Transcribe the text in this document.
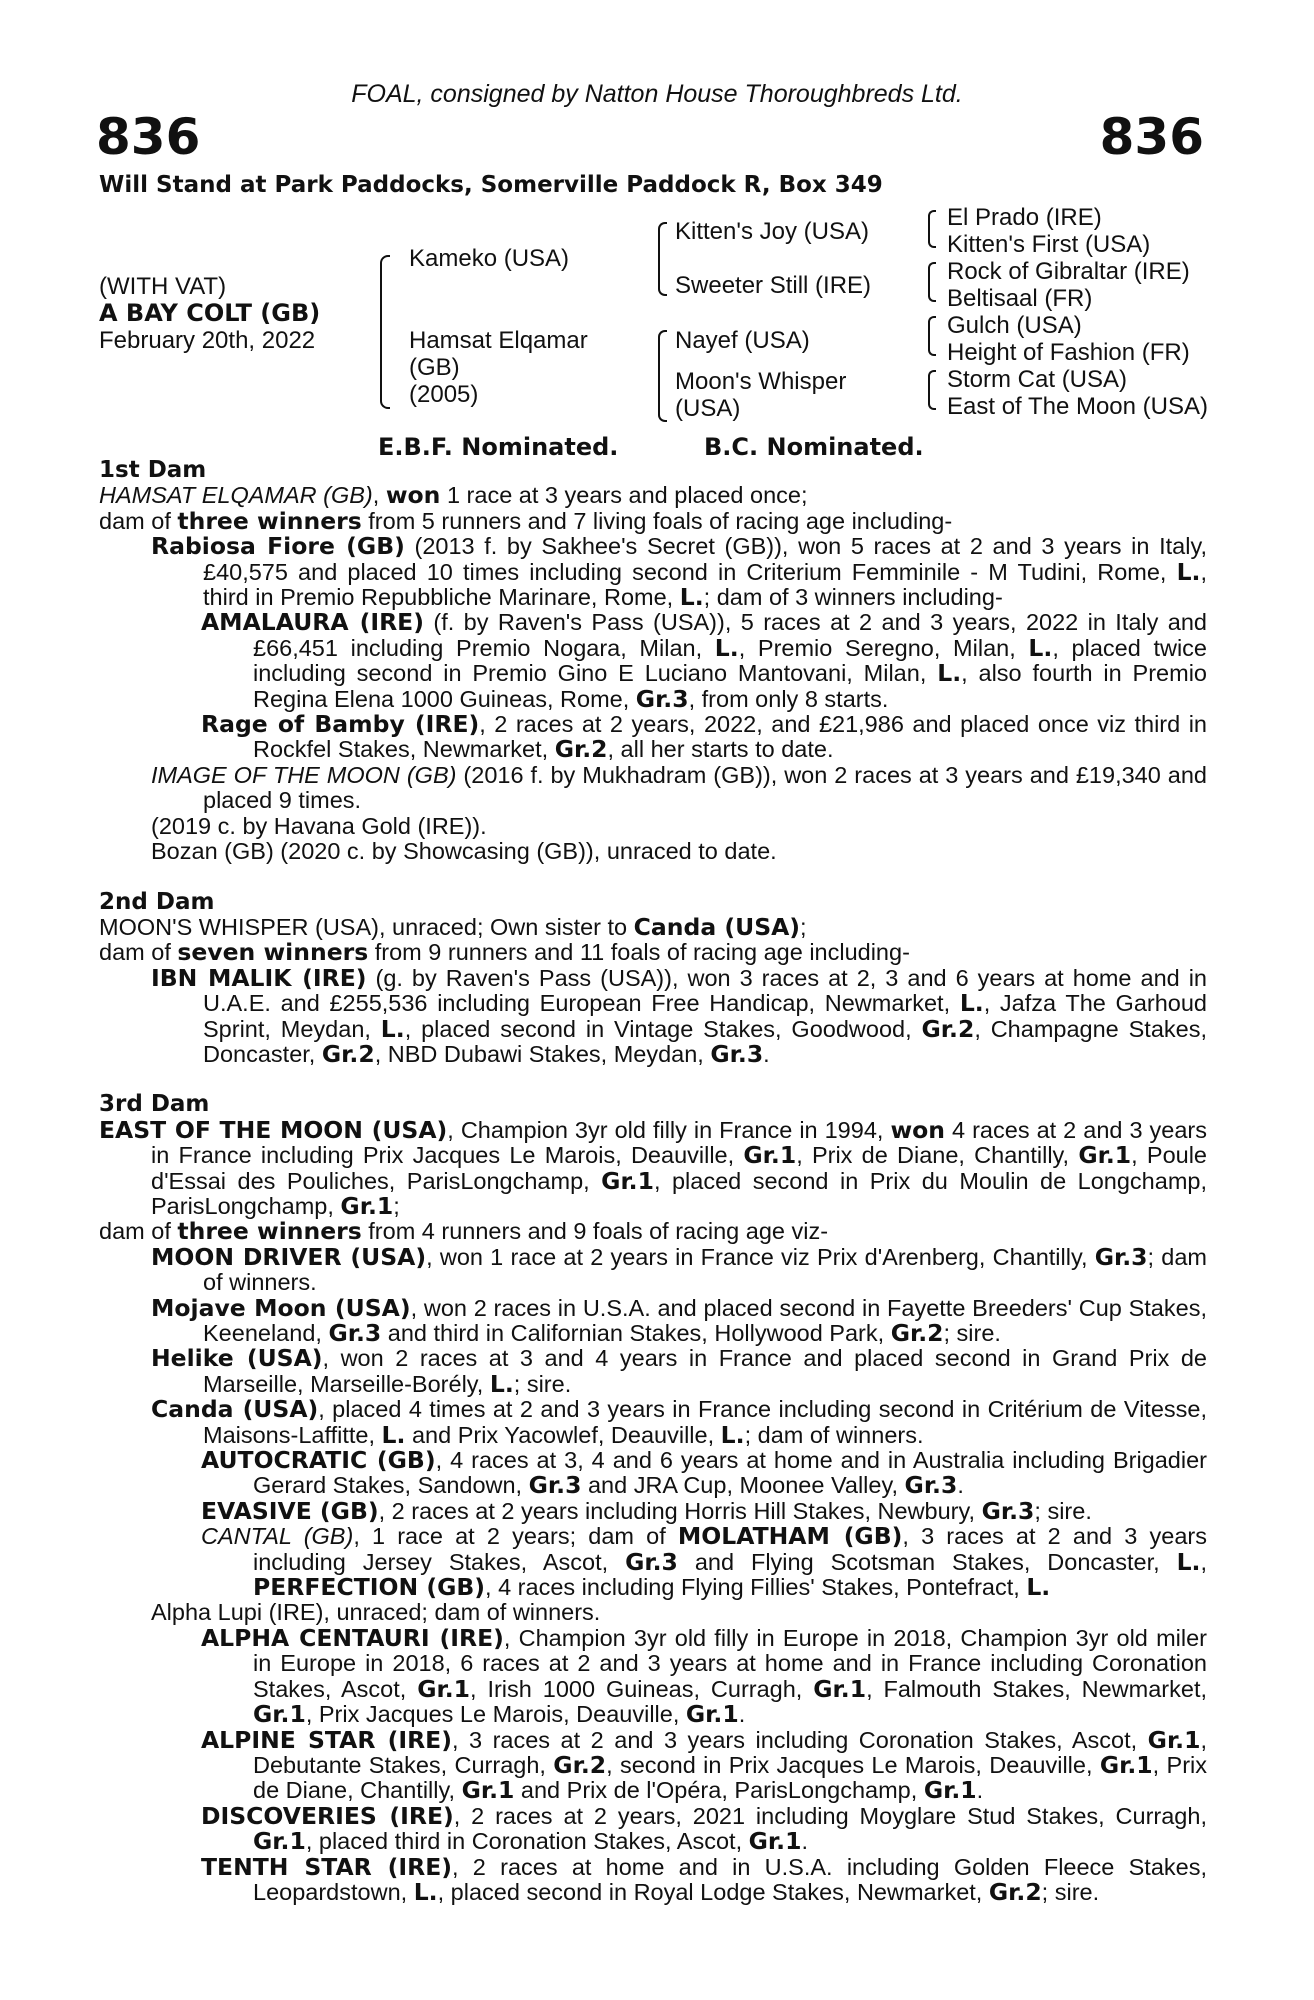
FOAL, consigned by Natton House Thoroughbreds Ltd.
836	836
Will Stand at Park Paddocks, Somerville Paddock R, Box 349
(WITH VAT)
A BAY COLT (GB)
February 20th, 2022
Kameko (USA)
Hamsat Elqamar
(GB)
(2005)
Kitten's Joy (USA)
Sweeter Still (IRE)
Nayef (USA)
Moon's Whisper
(USA)
El Prado (IRE)
Kitten's First (USA)
Rock of Gibraltar (IRE)
Beltisaal (FR)
Gulch (USA)
Height of Fashion (FR)
Storm Cat (USA)
East of The Moon (USA)
E.B.F. Nominated.	B.C. Nominated.

1st Dam

HAMSAT ELQAMAR (GB), won 1 race at 3 years and placed once;

dam of three winners from 5 runners and 7 living foals of racing age including-

Rabiosa Fiore (GB) (2013 f. by Sakhee's Secret (GB)), won 5 races at 2 and 3 years in Italy, £40,575 and placed 10 times including second in Criterium Femminile - M Tudini, Rome, L., third in Premio Repubbliche Marinare, Rome, L.; dam of 3 winners including-

AMALAURA (IRE) (f. by Raven's Pass (USA)), 5 races at 2 and 3 years, 2022 in Italy and £66,451 including Premio Nogara, Milan, L., Premio Seregno, Milan, L., placed twice including second in Premio Gino E Luciano Mantovani, Milan, L., also fourth in Premio Regina Elena 1000 Guineas, Rome, Gr.3, from only 8 starts.

Rage of Bamby (IRE), 2 races at 2 years, 2022, and £21,986 and placed once viz third in Rockfel Stakes, Newmarket, Gr.2, all her starts to date.

IMAGE OF THE MOON (GB) (2016 f. by Mukhadram (GB)), won 2 races at 3 years and £19,340 and placed 9 times.

(2019 c. by Havana Gold (IRE)).

Bozan (GB) (2020 c. by Showcasing (GB)), unraced to date.

2nd Dam

MOON'S WHISPER (USA), unraced; Own sister to Canda (USA);

dam of seven winners from 9 runners and 11 foals of racing age including-

IBN MALIK (IRE) (g. by Raven's Pass (USA)), won 3 races at 2, 3 and 6 years at home and in U.A.E. and £255,536 including European Free Handicap, Newmarket, L., Jafza The Garhoud Sprint, Meydan, L., placed second in Vintage Stakes, Goodwood, Gr.2, Champagne Stakes, Doncaster, Gr.2, NBD Dubawi Stakes, Meydan, Gr.3.

3rd Dam

EAST OF THE MOON (USA), Champion 3yr old filly in France in 1994, won 4 races at 2 and 3 years in France including Prix Jacques Le Marois, Deauville, Gr.1, Prix de Diane, Chantilly, Gr.1, Poule d'Essai des Pouliches, ParisLongchamp, Gr.1, placed second in Prix du Moulin de Longchamp, ParisLongchamp, Gr.1;

dam of three winners from 4 runners and 9 foals of racing age viz-

MOON DRIVER (USA), won 1 race at 2 years in France viz Prix d'Arenberg, Chantilly, Gr.3; dam of winners.

Mojave Moon (USA), won 2 races in U.S.A. and placed second in Fayette Breeders' Cup Stakes, Keeneland, Gr.3 and third in Californian Stakes, Hollywood Park, Gr.2; sire.

Helike (USA), won 2 races at 3 and 4 years in France and placed second in Grand Prix de Marseille, Marseille-Borély, L.; sire.

Canda (USA), placed 4 times at 2 and 3 years in France including second in Critérium de Vitesse, Maisons-Laffitte, L. and Prix Yacowlef, Deauville, L.; dam of winners.

AUTOCRATIC (GB), 4 races at 3, 4 and 6 years at home and in Australia including Brigadier Gerard Stakes, Sandown, Gr.3 and JRA Cup, Moonee Valley, Gr.3.

EVASIVE (GB), 2 races at 2 years including Horris Hill Stakes, Newbury, Gr.3; sire.

CANTAL (GB), 1 race at 2 years; dam of MOLATHAM (GB), 3 races at 2 and 3 years including Jersey Stakes, Ascot, Gr.3 and Flying Scotsman Stakes, Doncaster, L., PERFECTION (GB), 4 races including Flying Fillies' Stakes, Pontefract, L.

Alpha Lupi (IRE), unraced; dam of winners.

ALPHA CENTAURI (IRE), Champion 3yr old filly in Europe in 2018, Champion 3yr old miler in Europe in 2018, 6 races at 2 and 3 years at home and in France including Coronation Stakes, Ascot, Gr.1, Irish 1000 Guineas, Curragh, Gr.1, Falmouth Stakes, Newmarket, Gr.1, Prix Jacques Le Marois, Deauville, Gr.1.

ALPINE STAR (IRE), 3 races at 2 and 3 years including Coronation Stakes, Ascot, Gr.1, Debutante Stakes, Curragh, Gr.2, second in Prix Jacques Le Marois, Deauville, Gr.1, Prix de Diane, Chantilly, Gr.1 and Prix de l'Opéra, ParisLongchamp, Gr.1.

DISCOVERIES (IRE), 2 races at 2 years, 2021 including Moyglare Stud Stakes, Curragh, Gr.1, placed third in Coronation Stakes, Ascot, Gr.1.

TENTH STAR (IRE), 2 races at home and in U.S.A. including Golden Fleece Stakes, Leopardstown, L., placed second in Royal Lodge Stakes, Newmarket, Gr.2; sire.
